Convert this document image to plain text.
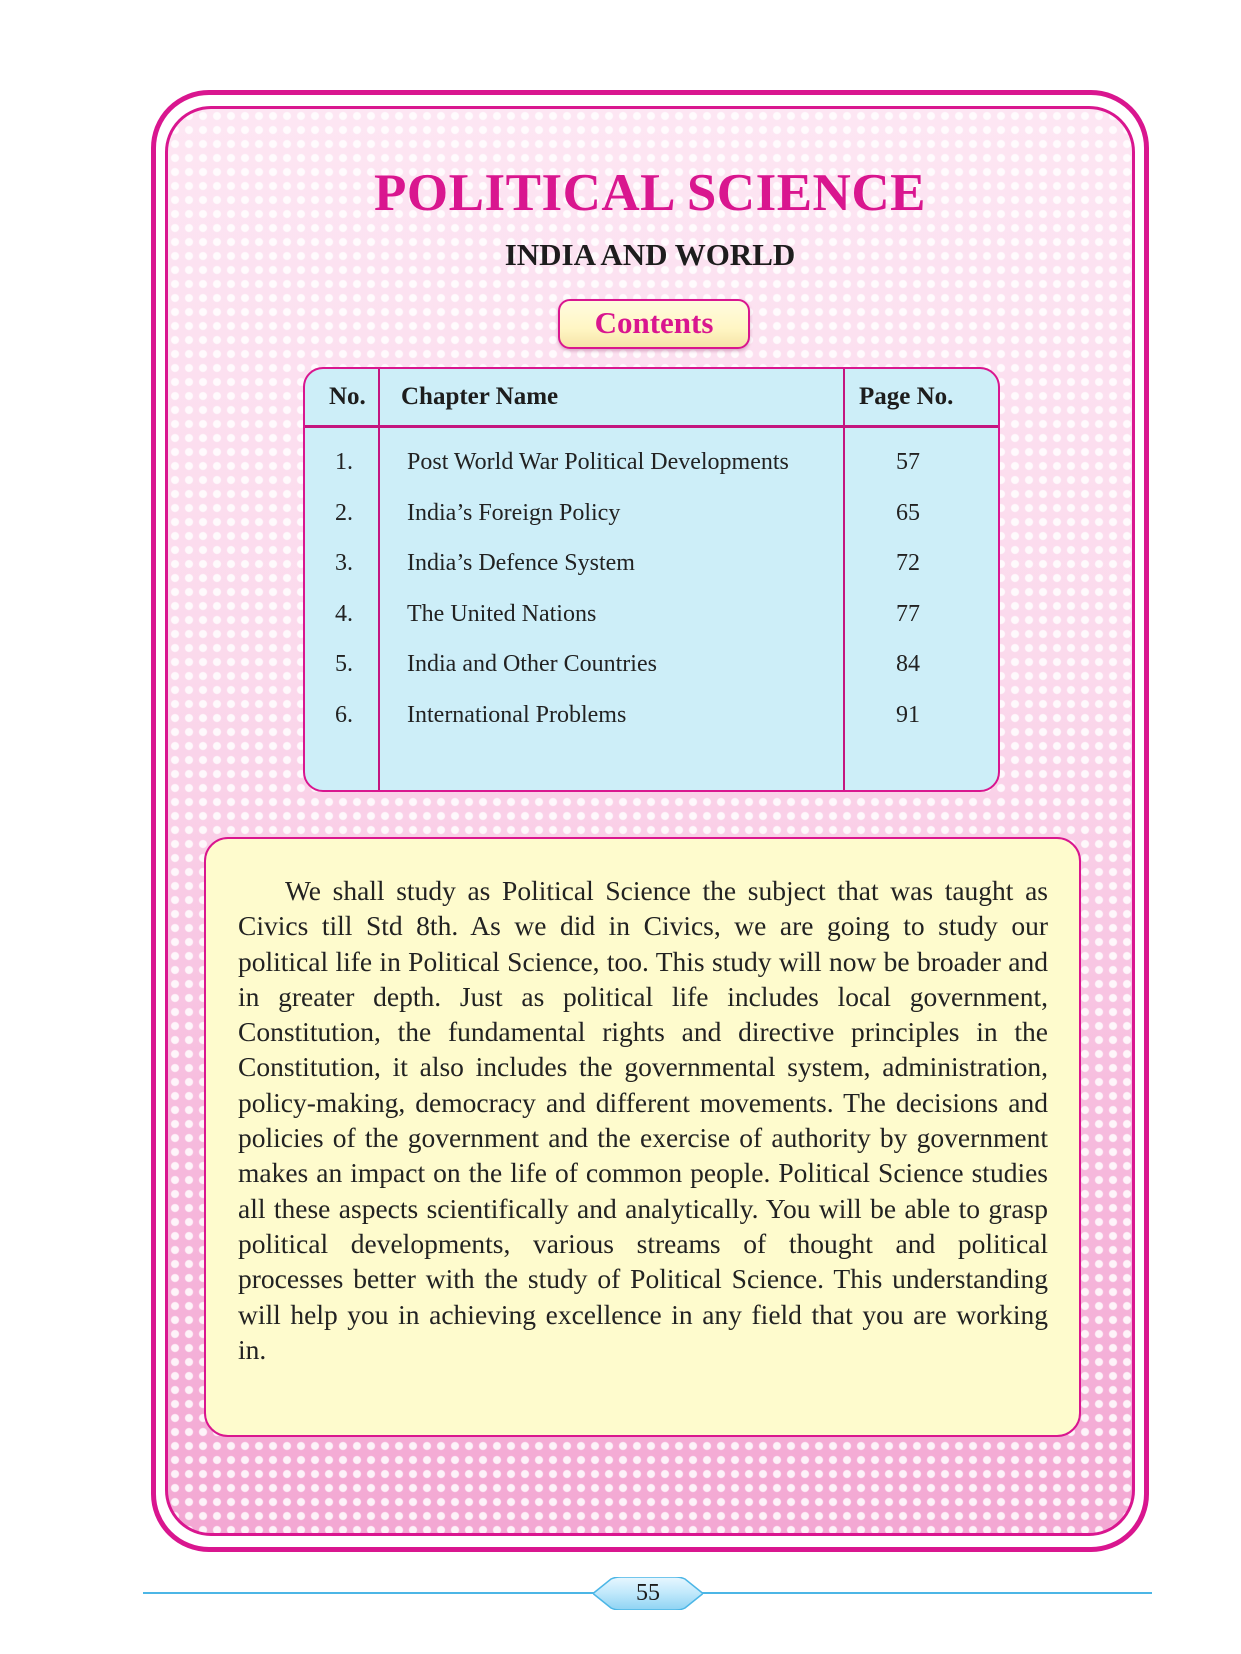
POLITICAL SCIENCE
INDIA AND WORLD
Contents
No. Chapter Name	Page No.
1. Post World War Political Developments	57
2. India’s Foreign Policy	65
3. India’s Defence System	72
4. The United Nations	77
5. India and Other Countries	84
6. International Problems	91

We shall study as Political Science the subject that was taught as Civics till Std 8th. As we did in Civics, we are going to study our political life in Political Science, too. This study will now be broader and in greater depth. Just as political life includes local government, Constitution, the fundamental rights and directive principles in the Constitution, it also includes the governmental system, administration, policy-making, democracy and different movements. The decisions and policies of the government and the exercise of authority by government makes an impact on the life of common people. Political Science studies all these aspects scientifically and analytically. You will be able to grasp political developments, various streams of thought and political processes better with the study of Political Science. This understanding will help you in achieving excellence in any field that you are working in.

55
